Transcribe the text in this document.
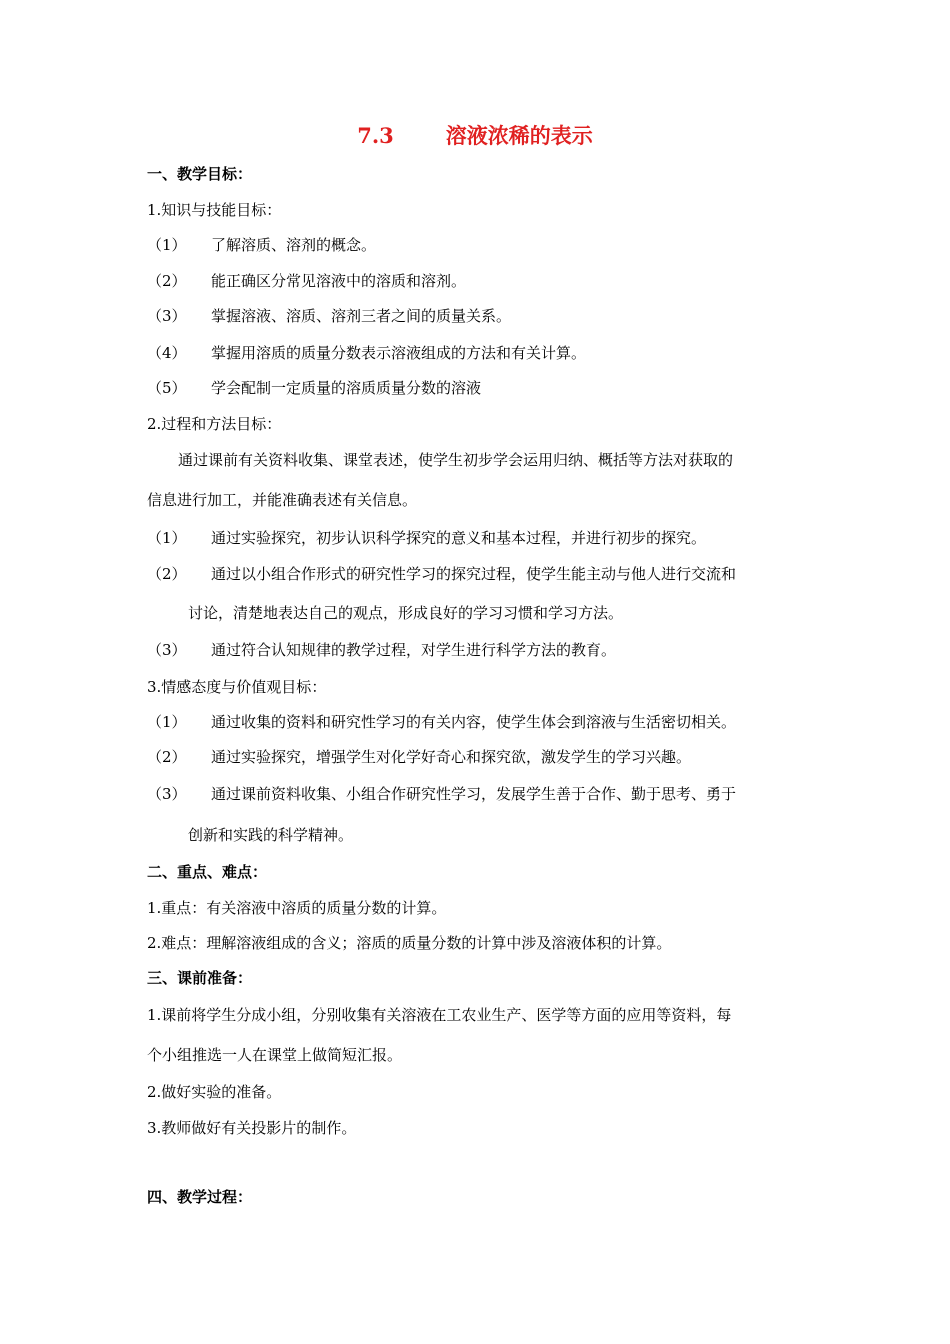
7.3 溶液浓稀的表示
一、教学目标：
1.知识与技能目标：
（1） 了解溶质、溶剂的概念。
（2） 能正确区分常见溶液中的溶质和溶剂。
（3） 掌握溶液、溶质、溶剂三者之间的质量关系。
（4） 掌握用溶质的质量分数表示溶液组成的方法和有关计算。
（5） 学会配制一定质量的溶质质量分数的溶液
2.过程和方法目标：
通过课前有关资料收集、课堂表述，使学生初步学会运用归纳、概括等方法对获取的
信息进行加工，并能准确表述有关信息。
（1） 通过实验探究，初步认识科学探究的意义和基本过程，并进行初步的探究。
（2） 通过以小组合作形式的研究性学习的探究过程，使学生能主动与他人进行交流和
讨论，清楚地表达自己的观点，形成良好的学习习惯和学习方法。
（3） 通过符合认知规律的教学过程，对学生进行科学方法的教育。
3.情感态度与价值观目标：
（1） 通过收集的资料和研究性学习的有关内容，使学生体会到溶液与生活密切相关。
（2） 通过实验探究，增强学生对化学好奇心和探究欲，激发学生的学习兴趣。
（3） 通过课前资料收集、小组合作研究性学习，发展学生善于合作、勤于思考、勇于
创新和实践的科学精神。
二、重点、难点：
1.重点：有关溶液中溶质的质量分数的计算。
2.难点：理解溶液组成的含义；溶质的质量分数的计算中涉及溶液体积的计算。
三、课前准备：
1.课前将学生分成小组，分别收集有关溶液在工农业生产、医学等方面的应用等资料，每
个小组推选一人在课堂上做简短汇报。
2.做好实验的准备。
3.教师做好有关投影片的制作。
四、教学过程：
